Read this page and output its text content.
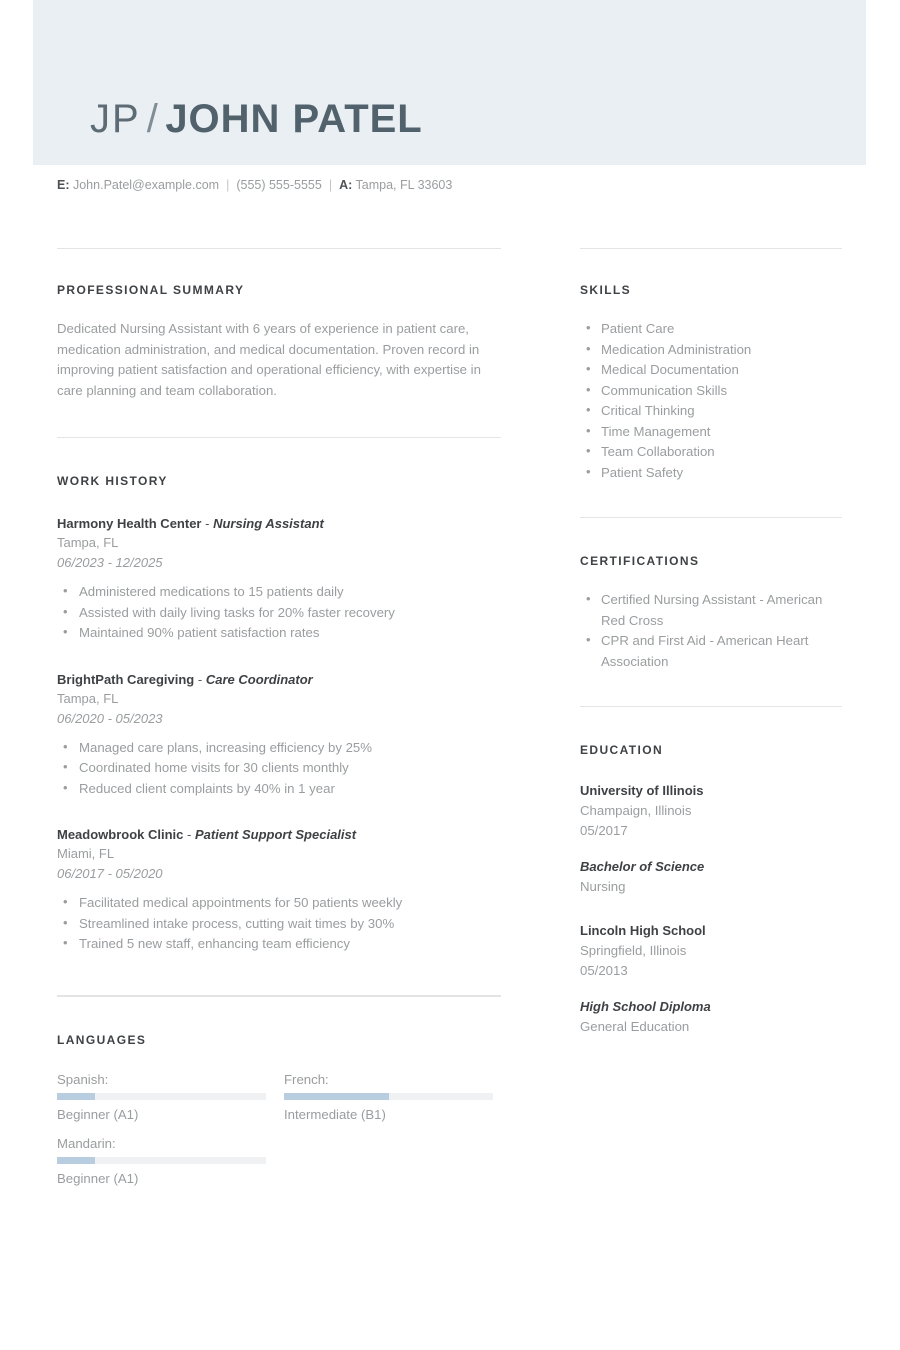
JP / JOHN PATEL
E: John.Patel@example.com | (555) 555-5555 | A: Tampa, FL 33603
PROFESSIONAL SUMMARY
Dedicated Nursing Assistant with 6 years of experience in patient care, medication administration, and medical documentation. Proven record in improving patient satisfaction and operational efficiency, with expertise in care planning and team collaboration.
WORK HISTORY
Harmony Health Center - Nursing Assistant
Tampa, FL
06/2023 - 12/2025
• Administered medications to 15 patients daily
• Assisted with daily living tasks for 20% faster recovery
• Maintained 90% patient satisfaction rates
BrightPath Caregiving - Care Coordinator
Tampa, FL
06/2020 - 05/2023
• Managed care plans, increasing efficiency by 25%
• Coordinated home visits for 30 clients monthly
• Reduced client complaints by 40% in 1 year
Meadowbrook Clinic - Patient Support Specialist
Miami, FL
06/2017 - 05/2020
• Facilitated medical appointments for 50 patients weekly
• Streamlined intake process, cutting wait times by 30%
• Trained 5 new staff, enhancing team efficiency
LANGUAGES
Spanish:
Beginner (A1)
French:
Intermediate (B1)
Mandarin:
Beginner (A1)
SKILLS
• Patient Care
• Medication Administration
• Medical Documentation
• Communication Skills
• Critical Thinking
• Time Management
• Team Collaboration
• Patient Safety
CERTIFICATIONS
• Certified Nursing Assistant - American Red Cross
• CPR and First Aid - American Heart Association
EDUCATION
University of Illinois
Champaign, Illinois
05/2017
Bachelor of Science
Nursing
Lincoln High School
Springfield, Illinois
05/2013
High School Diploma
General Education
